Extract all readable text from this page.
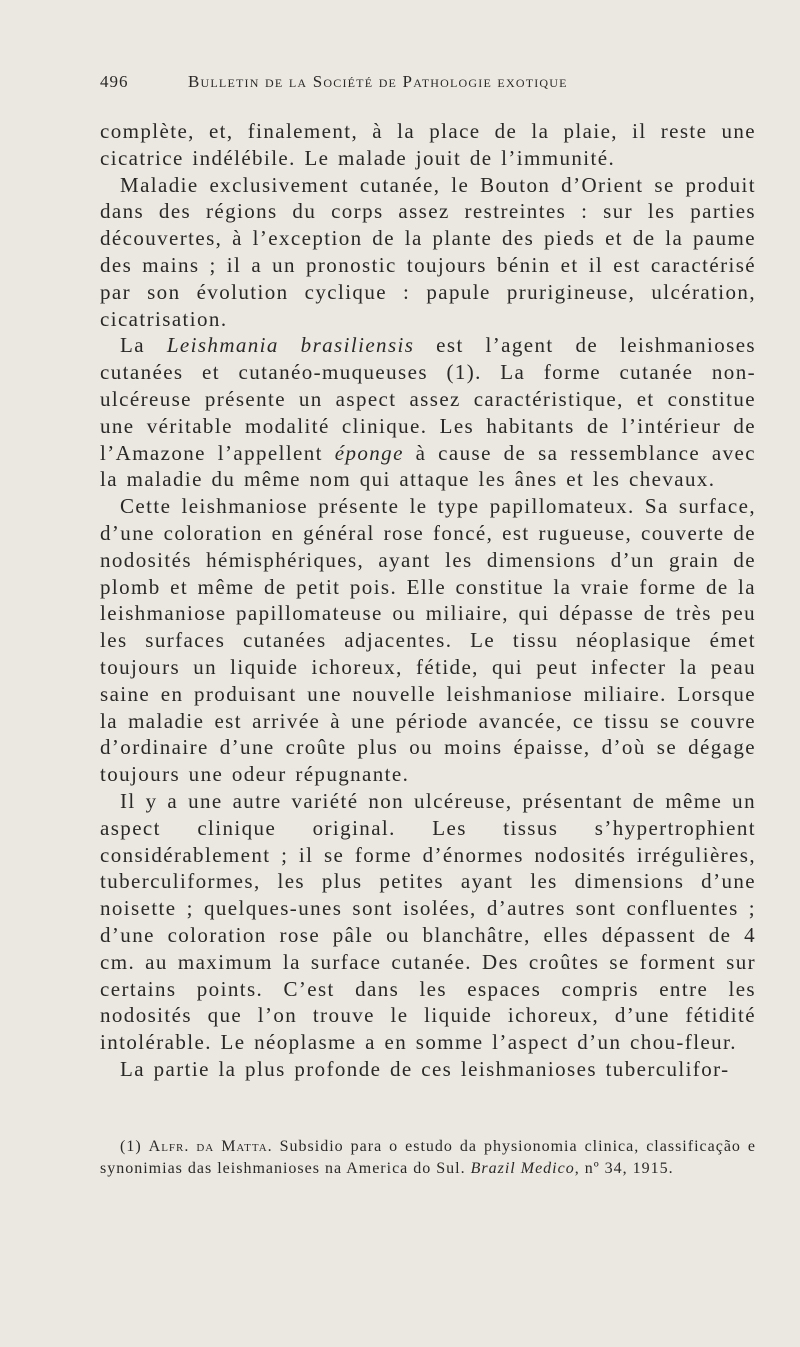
496	Bulletin de la Société de Pathologie exotique

complète, et, finalement, à la place de la plaie, il reste une cicatrice indélébile. Le malade jouit de l’immunité.

Maladie exclusivement cutanée, le Bouton d’Orient se produit dans des régions du corps assez restreintes : sur les parties découvertes, à l’exception de la plante des pieds et de la paume des mains ; il a un pronostic toujours bénin et il est caractérisé par son évolution cyclique : papule prurigineuse, ulcération, cicatrisation.

La Leishmania brasiliensis est l’agent de leishmanioses cutanées et cutanéo-muqueuses (1). La forme cutanée non-ulcéreuse présente un aspect assez caractéristique, et constitue une véritable modalité clinique. Les habitants de l’intérieur de l’Amazone l’appellent éponge à cause de sa ressemblance avec la maladie du même nom qui attaque les ânes et les chevaux.

Cette leishmaniose présente le type papillomateux. Sa surface, d’une coloration en général rose foncé, est rugueuse, couverte de nodosités hémisphériques, ayant les dimensions d’un grain de plomb et même de petit pois. Elle constitue la vraie forme de la leishmaniose papillomateuse ou miliaire, qui dépasse de très peu les surfaces cutanées adjacentes. Le tissu néoplasique émet toujours un liquide ichoreux, fétide, qui peut infecter la peau saine en produisant une nouvelle leishmaniose miliaire. Lorsque la maladie est arrivée à une période avancée, ce tissu se couvre d’ordinaire d’une croûte plus ou moins épaisse, d’où se dégage toujours une odeur répugnante.

Il y a une autre variété non ulcéreuse, présentant de même un aspect clinique original. Les tissus s’hypertrophient considérablement ; il se forme d’énormes nodosités irrégulières, tuberculiformes, les plus petites ayant les dimensions d’une noisette ; quelques-unes sont isolées, d’autres sont confluentes ; d’une coloration rose pâle ou blanchâtre, elles dépassent de 4 cm. au maximum la surface cutanée. Des croûtes se forment sur certains points. C’est dans les espaces compris entre les nodosités que l’on trouve le liquide ichoreux, d’une fétidité intolérable. Le néoplasme a en somme l’aspect d’un chou-fleur.

La partie la plus profonde de ces leishmanioses tuberculifor-

(1) Alfr. da Matta. Subsidio para o estudo da physionomia clinica, classificação e synonimias das leishmanioses na America do Sul. Brazil Medico, nº 34, 1915.
